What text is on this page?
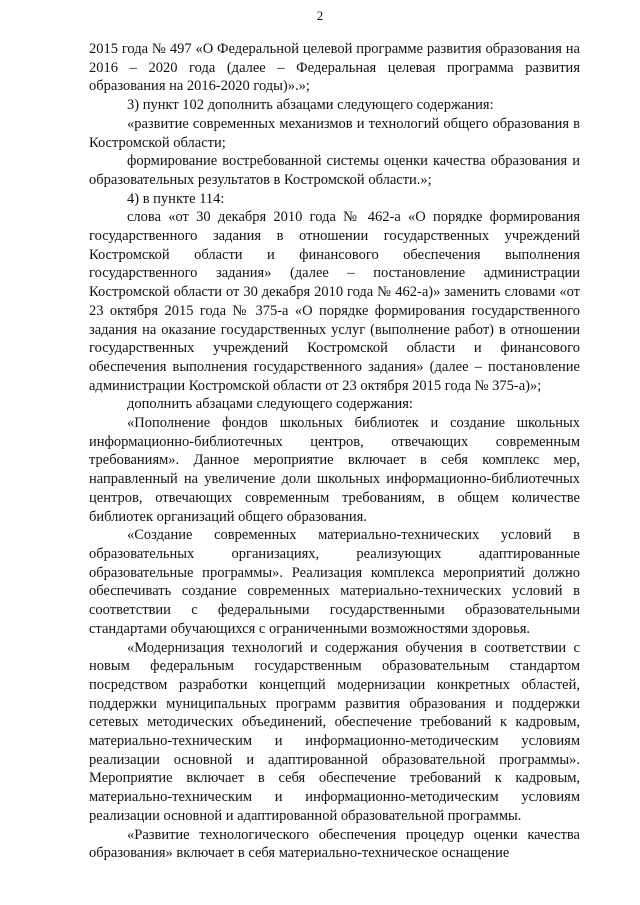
2

2015 года № 497 «О Федеральной целевой программе развития образования на 2016 – 2020 года (далее – Федеральная целевая программа развития образования на 2016-2020 годы)».»;

3) пункт 102 дополнить абзацами следующего содержания:

«развитие современных механизмов и технологий общего образования в Костромской области;

формирование востребованной системы оценки качества образования и образовательных результатов в Костромской области.»;

4) в пункте 114:

слова «от 30 декабря 2010 года № 462-а «О порядке формирования государственного задания в отношении государственных учреждений Костромской области и финансового обеспечения выполнения государственного задания» (далее – постановление администрации Костромской области от 30 декабря 2010 года № 462-а)» заменить словами «от 23 октября 2015 года № 375-а «О порядке формирования государственного задания на оказание государственных услуг (выполнение работ) в отношении государственных учреждений Костромской области и финансового обеспечения выполнения государственного задания» (далее – постановление администрации Костромской области от 23 октября 2015 года № 375-а)»;

дополнить абзацами следующего содержания:

«Пополнение фондов школьных библиотек и создание школьных информационно-библиотечных центров, отвечающих современным требованиям». Данное мероприятие включает в себя комплекс мер, направленный на увеличение доли школьных информационно-библиотечных центров, отвечающих современным требованиям, в общем количестве библиотек организаций общего образования.

«Создание современных материально-технических условий в образовательных организациях, реализующих адаптированные образовательные программы». Реализация комплекса мероприятий должно обеспечивать создание современных материально-технических условий в соответствии с федеральными государственными образовательными стандартами обучающихся с ограниченными возможностями здоровья.

«Модернизация технологий и содержания обучения в соответствии с новым федеральным государственным образовательным стандартом посредством разработки концепций модернизации конкретных областей, поддержки муниципальных программ развития образования и поддержки сетевых методических объединений, обеспечение требований к кадровым, материально-техническим и информационно-методическим условиям реализации основной и адаптированной образовательной программы». Мероприятие включает в себя обеспечение требований к кадровым, материально-техническим и информационно-методическим условиям реализации основной и адаптированной образовательной программы.

«Развитие технологического обеспечения процедур оценки качества образования» включает в себя материально-техническое оснащение
